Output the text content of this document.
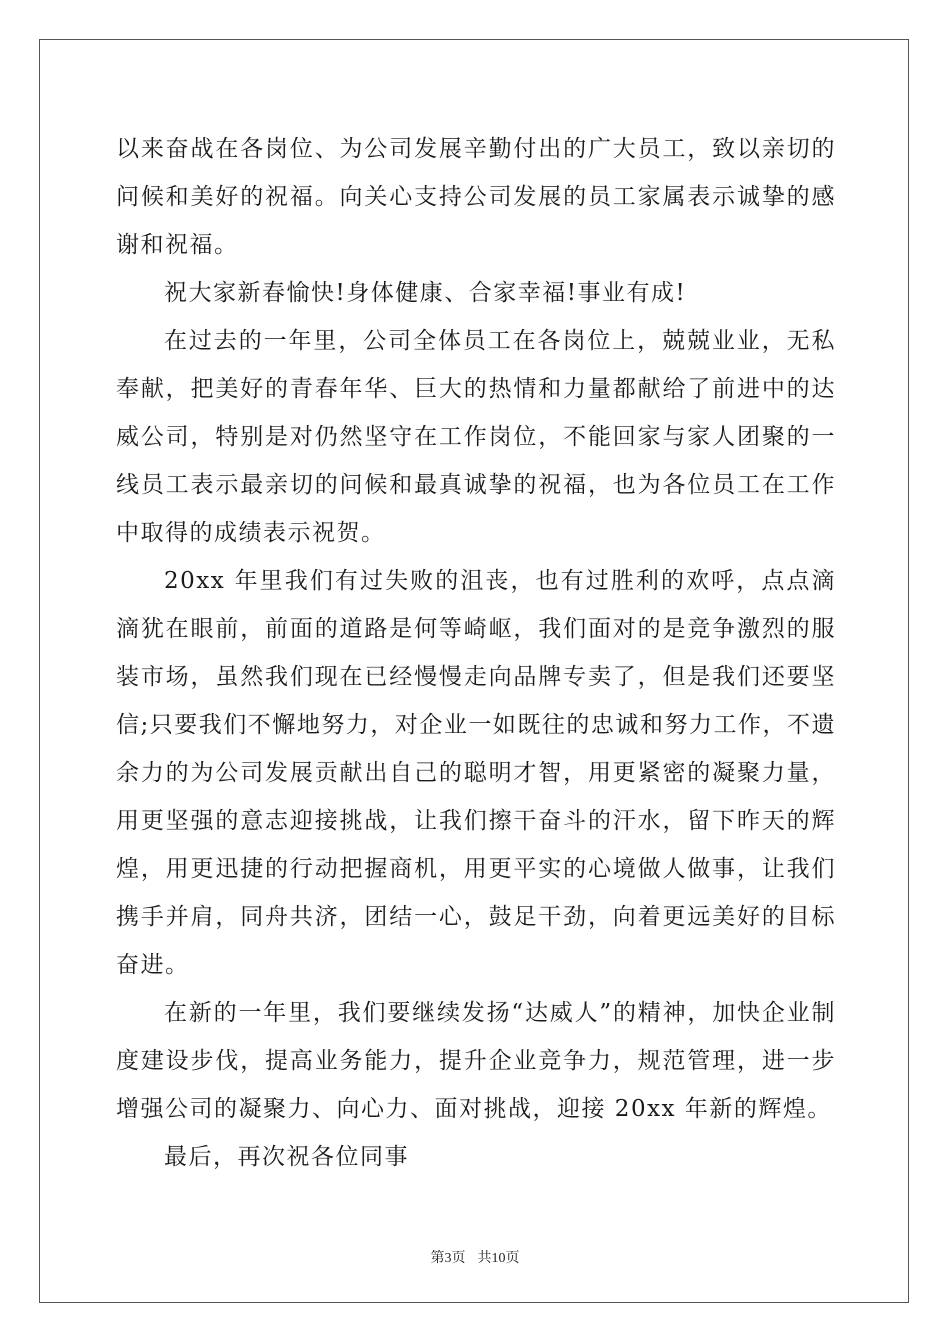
以来奋战在各岗位、为公司发展辛勤付出的广大员工，致以亲切的问候和美好的祝福。向关心支持公司发展的员工家属表示诚挚的感谢和祝福。

祝大家新春愉快!身体健康、合家幸福!事业有成!

在过去的一年里，公司全体员工在各岗位上，兢兢业业，无私奉献，把美好的青春年华、巨大的热情和力量都献给了前进中的达威公司，特别是对仍然坚守在工作岗位，不能回家与家人团聚的一线员工表示最亲切的问候和最真诚挚的祝福，也为各位员工在工作中取得的成绩表示祝贺。

20xx 年里我们有过失败的沮丧，也有过胜利的欢呼，点点滴滴犹在眼前，前面的道路是何等崎岖，我们面对的是竞争激烈的服装市场，虽然我们现在已经慢慢走向品牌专卖了，但是我们还要坚信;只要我们不懈地努力，对企业一如既往的忠诚和努力工作，不遗余力的为公司发展贡献出自己的聪明才智，用更紧密的凝聚力量，用更坚强的意志迎接挑战，让我们擦干奋斗的汗水，留下昨天的辉煌，用更迅捷的行动把握商机，用更平实的心境做人做事，让我们携手并肩，同舟共济，团结一心，鼓足干劲，向着更远美好的目标奋进。

在新的一年里，我们要继续发扬“达威人”的精神，加快企业制度建设步伐，提高业务能力，提升企业竞争力，规范管理，进一步增强公司的凝聚力、向心力、面对挑战，迎接 20xx 年新的辉煌。

最后，再次祝各位同事

第3页 共10页
